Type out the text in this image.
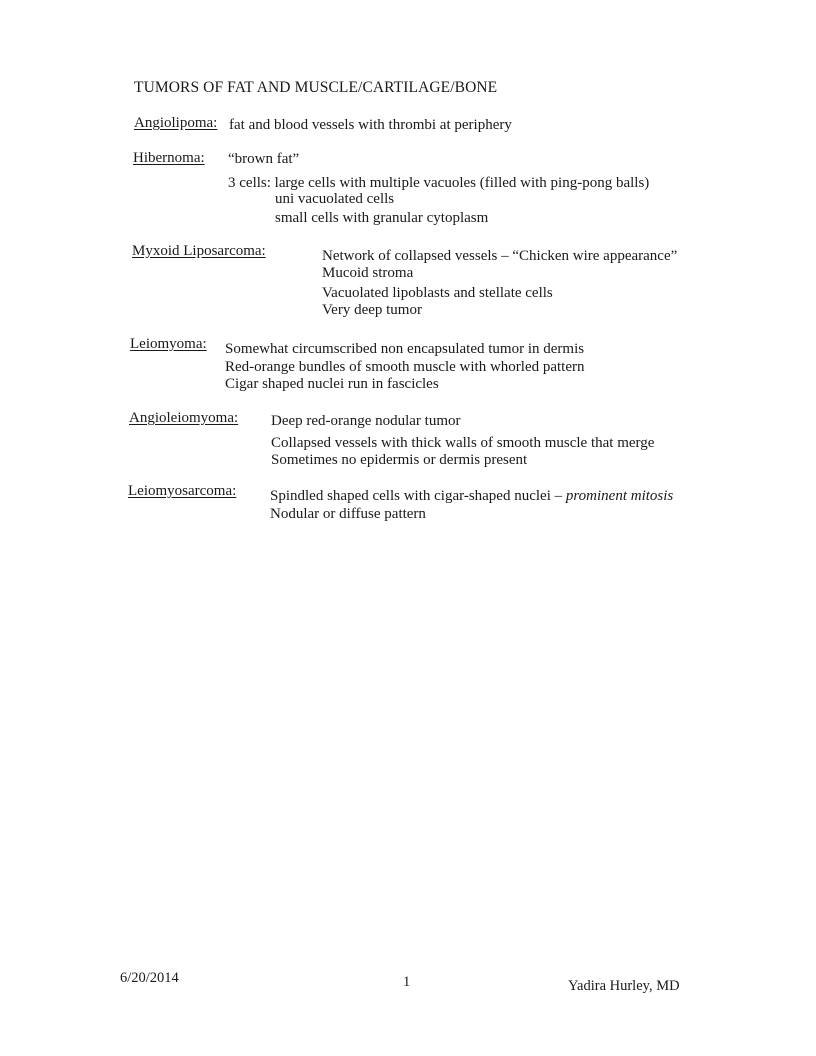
TUMORS OF FAT AND MUSCLE/CARTILAGE/BONE
Angiolipoma: fat and blood vessels with thrombi at periphery
Hibernoma: “brown fat”
3 cells: large cells with multiple vacuoles (filled with ping-pong balls)
uni vacuolated cells
small cells with granular cytoplasm
Myxoid Liposarcoma:	Network of collapsed vessels – “Chicken wire appearance”
Mucoid stroma
Vacuolated lipoblasts and stellate cells
Very deep tumor
Leiomyoma: Somewhat circumscribed non encapsulated tumor in dermis
Red-orange bundles of smooth muscle with whorled pattern
Cigar shaped nuclei run in fascicles
Angioleiomyoma: Deep red-orange nodular tumor
Collapsed vessels with thick walls of smooth muscle that merge
Sometimes no epidermis or dermis present
Leiomyosarcoma: Spindled shaped cells with cigar-shaped nuclei – prominent mitosis
Nodular or diffuse pattern
6/20/2014	1	Yadira Hurley, MD
